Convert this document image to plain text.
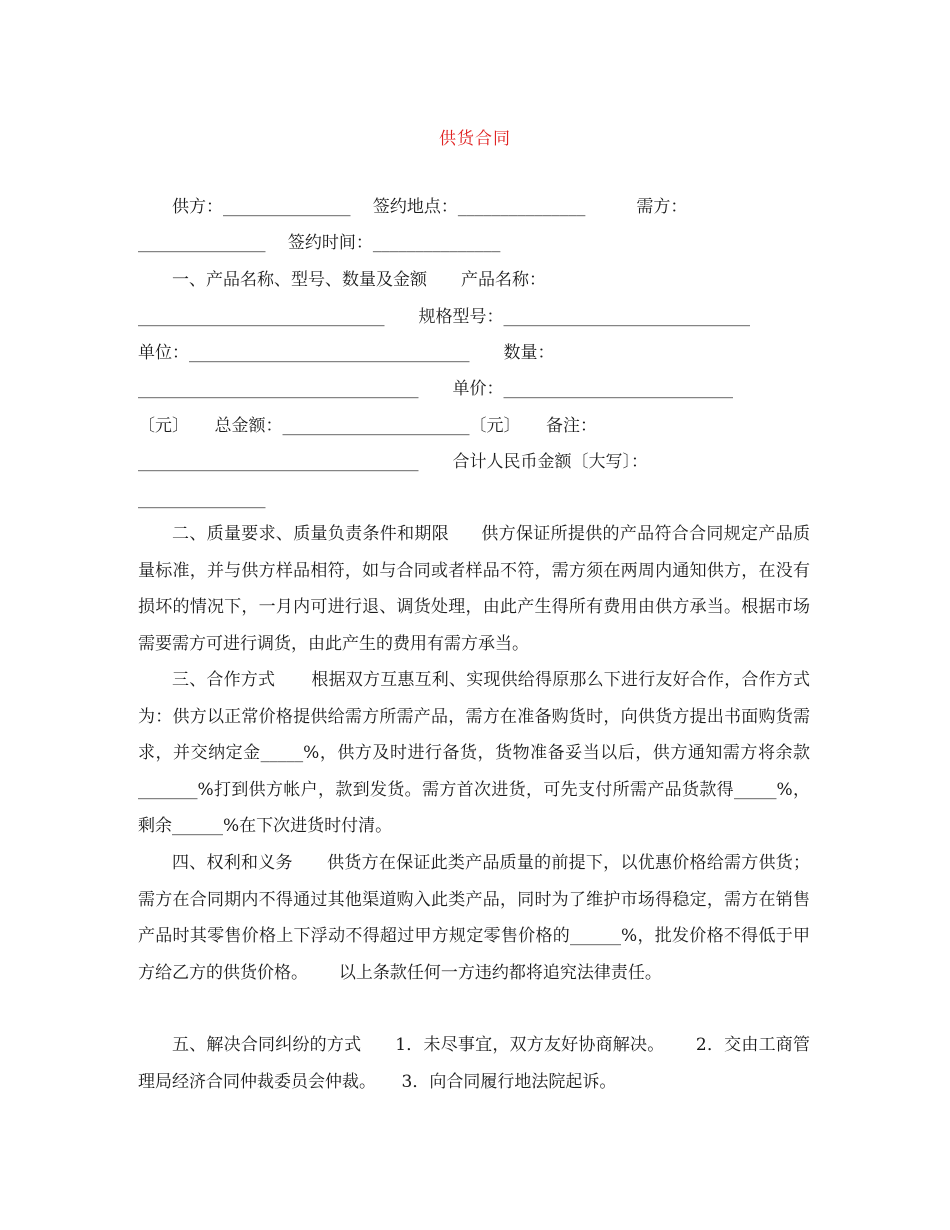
供货合同
　　供方：_______________　 签约地点：_______________　　　需方：
_______________　 签约时间：_______________
　　一、产品名称、型号、数量及金额　　产品名称：
_____________________________　　规格型号：_____________________________
单位：_________________________________　　数量：
_________________________________　　单价：___________________________
〔元〕　　总金额：______________________〔元〕　　备注：
_________________________________　　合计人民币金额〔大写〕：
_______________
二、质量要求、质量负责条件和期限 供方保证所提供的产品符合合同规定产品质量标准，并与供方样品相符，如与合同或者样品不符，需方须在两周内通知供方，在没有损坏的情况下，一月内可进行退、调货处理，由此产生得所有费用由供方承当。根据市场需要需方可进行调货，由此产生的费用有需方承当。
三、合作方式 根据双方互惠互利、实现供给得原那么下进行友好合作，合作方式为：供方以正常价格提供给需方所需产品，需方在准备购货时，向供货方提出书面购货需求，并交纳定金_____%，供方及时进行备货，货物准备妥当以后，供方通知需方将余款_______%打到供方帐户，款到发货。需方首次进货，可先支付所需产品货款得_____%，剩余______%在下次进货时付清。
四、权利和义务 供货方在保证此类产品质量的前提下，以优惠价格给需方供货；需方在合同期内不得通过其他渠道购入此类产品，同时为了维护市场得稳定，需方在销售产品时其零售价格上下浮动不得超过甲方规定零售价格的______%，批发价格不得低于甲方给乙方的供货价格。　　 以上条款任何一方违约都将追究法律责任。
五、解决合同纠纷的方式 1．未尽事宜，双方友好协商解决。　　 2．交由工商管理局经济合同仲裁委员会仲裁。　　3．向合同履行地法院起诉。
